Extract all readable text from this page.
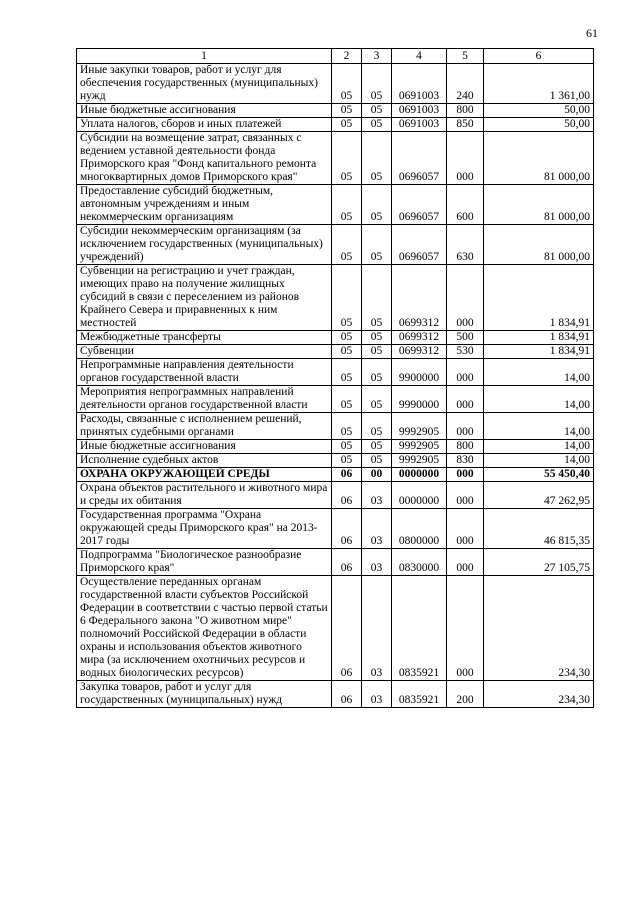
61
1	2	3	4	5	6
Иные закупки товаров, работ и услуг для обеспечения государственных (муниципальных) нужд	05	05	0691003	240	1 361,00
Иные бюджетные ассигнования	05	05	0691003	800	50,00
Уплата налогов, сборов и иных платежей	05	05	0691003	850	50,00
Субсидии на возмещение затрат, связанных с ведением уставной деятельности фонда Приморского края "Фонд капитального ремонта многоквартирных домов Приморского края"	05	05	0696057	000	81 000,00
Предоставление субсидий бюджетным, автономным учреждениям и иным некоммерческим организациям	05	05	0696057	600	81 000,00
Субсидии некоммерческим организациям (за исключением государственных (муниципальных) учреждений)	05	05	0696057	630	81 000,00
Субвенции на регистрацию и учет граждан, имеющих право на получение жилищных субсидий в связи с переселением из районов Крайнего Севера и приравненных к ним местностей	05	05	0699312	000	1 834,91
Межбюджетные трансферты	05	05	0699312	500	1 834,91
Субвенции	05	05	0699312	530	1 834,91
Непрограммные направления деятельности органов государственной власти	05	05	9900000	000	14,00
Мероприятия непрограммных направлений деятельности органов государственной власти	05	05	9990000	000	14,00
Расходы, связанные с исполнением решений, принятых судебными органами	05	05	9992905	000	14,00
Иные бюджетные ассигнования	05	05	9992905	800	14,00
Исполнение судебных актов	05	05	9992905	830	14,00
ОХРАНА ОКРУЖАЮЩЕЙ СРЕДЫ	06	00	0000000	000	55 450,40
Охрана объектов растительного и животного мира и среды их обитания	06	03	0000000	000	47 262,95
Государственная программа "Охрана окружающей среды Приморского края" на 2013-2017 годы	06	03	0800000	000	46 815,35
Подпрограмма "Биологическое разнообразие Приморского края"	06	03	0830000	000	27 105,75
Осуществление переданных органам государственной власти субъектов Российской Федерации в соответствии с частью первой статьи 6 Федерального закона "О животном мире" полномочий Российской Федерации в области охраны и использования объектов животного мира (за исключением охотничьих ресурсов и водных биологических ресурсов)	06	03	0835921	000	234,30
Закупка товаров, работ и услуг для государственных (муниципальных) нужд	06	03	0835921	200	234,30
